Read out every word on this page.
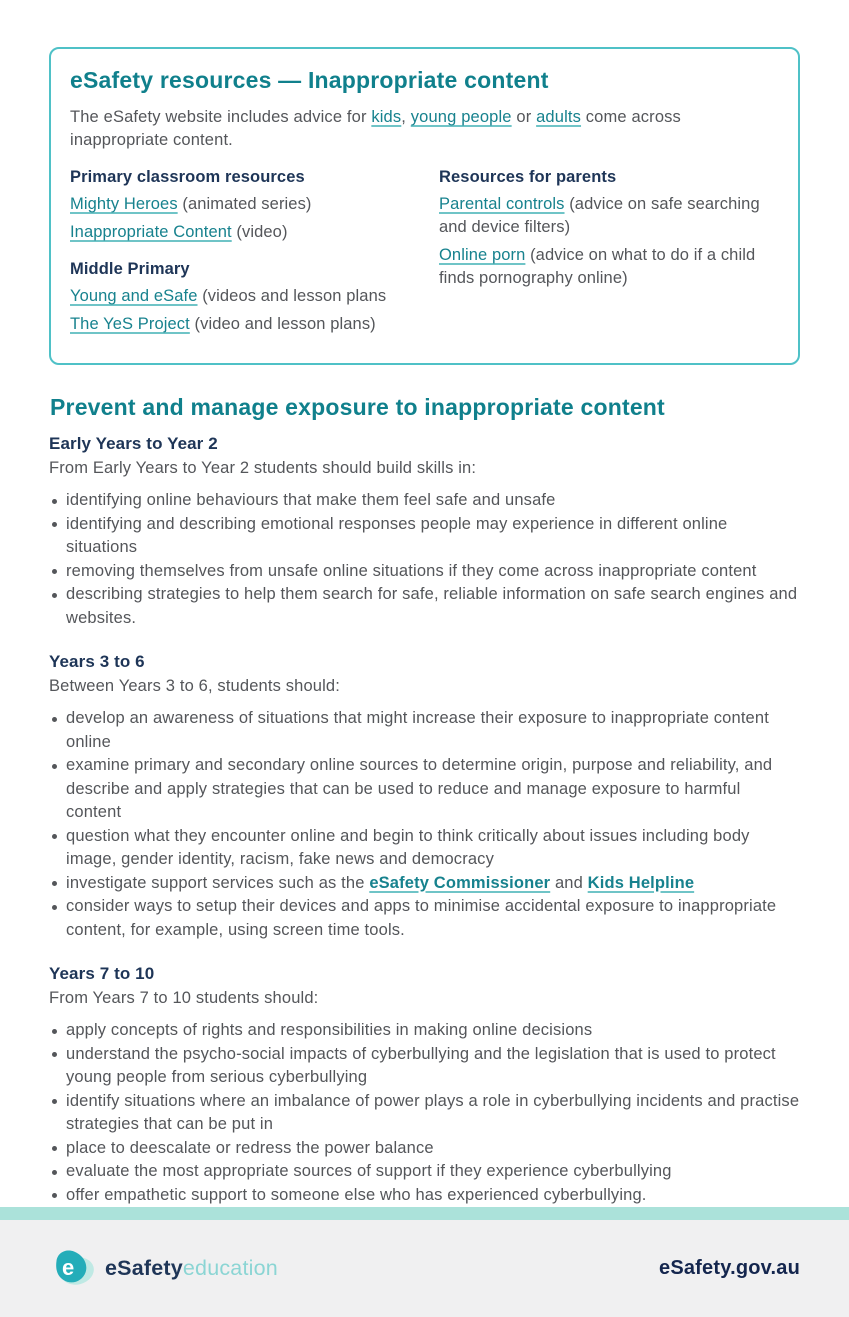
eSafety resources — Inappropriate content

The eSafety website includes advice for kids, young people or adults come across inappropriate content.

Primary classroom resources

Mighty Heroes (animated series)

Inappropriate Content (video)

Middle Primary

Young and eSafe (videos and lesson plans

The YeS Project (video and lesson plans)

Resources for parents

Parental controls (advice on safe searching and device filters)

Online porn (advice on what to do if a child finds pornography online)

Prevent and manage exposure to inappropriate content
Early Years to Year 2

From Early Years to Year 2 students should build skills in:

identifying online behaviours that make them feel safe and unsafe
identifying and describing emotional responses people may experience in different online situations
removing themselves from unsafe online situations if they come across inappropriate content
describing strategies to help them search for safe, reliable information on safe search engines and websites.
Years 3 to 6

Between Years 3 to 6, students should:

develop an awareness of situations that might increase their exposure to inappropriate content online
examine primary and secondary online sources to determine origin, purpose and reliability, and describe and apply strategies that can be used to reduce and manage exposure to harmful content
question what they encounter online and begin to think critically about issues including body image, gender identity, racism, fake news and democracy
investigate support services such as the eSafety Commissioner and Kids Helpline
consider ways to setup their devices and apps to minimise accidental exposure to inappropriate content, for example, using screen time tools.
Years 7 to 10

From Years 7 to 10 students should:

apply concepts of rights and responsibilities in making online decisions
understand the psycho-social impacts of cyberbullying and the legislation that is used to protect young people from serious cyberbullying
identify situations where an imbalance of power plays a role in cyberbullying incidents and practise strategies that can be put in
place to deescalate or redress the power balance
evaluate the most appropriate sources of support if they experience cyberbullying
offer empathetic support to someone else who has experienced cyberbullying.
e eSafetyeducation	eSafety.gov.au
